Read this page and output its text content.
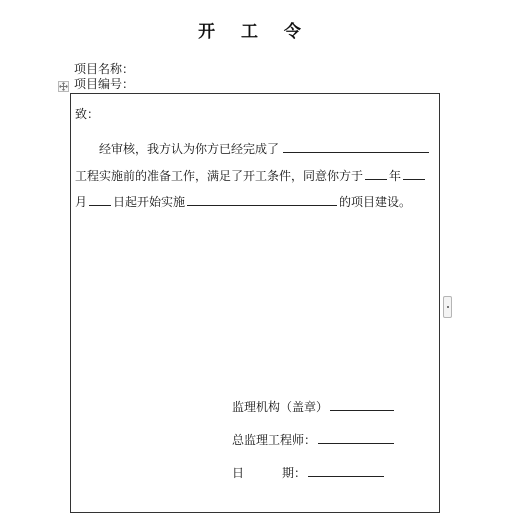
开 工 令
项目名称：
项目编号：
致：
经审核，我方认为你方已经完成了
工程实施前的准备工作，满足了开工条件，同意你方于 年
月 日起开始实施	的项目建设。
监理机构（盖章）
总监理工程师：
日	期：
